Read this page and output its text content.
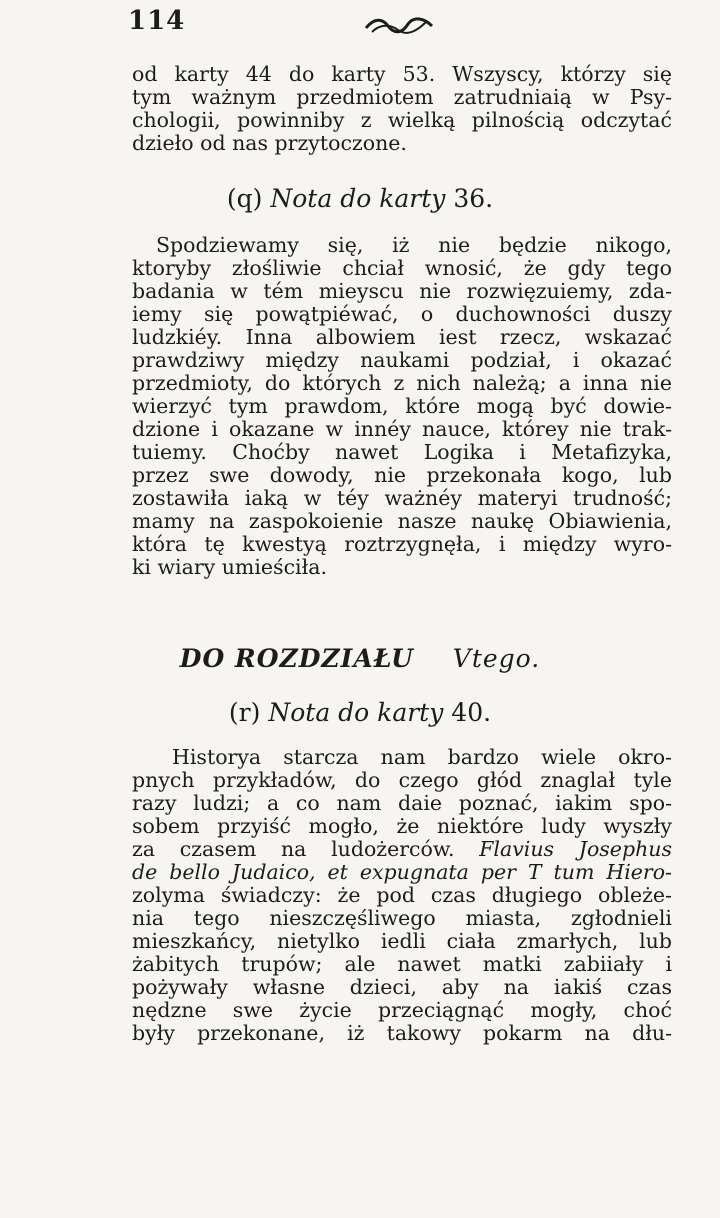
114
od karty 44 do karty 53. Wszyscy, którzy się
tym ważnym przedmiotem zatrudniaią w Psy-
chologii, powinniby z wielką pilnością odczytać
dzieło od nas przytoczone.
(q) Nota do karty 36.
Spodziewamy się, iż nie będzie nikogo,
ktoryby złośliwie chciał wnosić, że gdy tego
badania w tém mieyscu nie rozwięzuiemy, zda-
iemy się powątpiéwać, o duchowności duszy
ludzkiéy. Inna albowiem iest rzecz, wskazać
prawdziwy między naukami podział, i okazać
przedmioty, do których z nich należą; a inna nie
wierzyć tym prawdom, które mogą być dowie-
dzione i okazane w innéy nauce, którey nie trak-
tuiemy. Choćby nawet Logika i Metafizyka,
przez swe dowody, nie przekonała kogo, lub
zostawiła iaką w téy ważnéy materyi trudność;
mamy na zaspokoienie nasze naukę Obiawienia,
która tę kwestyą roztrzygnęła, i między wyro-
ki wiary umieściła.
DO ROZDZIAŁU Vtego.
(r) Nota do karty 40.
Historya starcza nam bardzo wiele okro-
pnych przykładów, do czego głód znaglał tyle
razy ludzi; a co nam daie poznać, iakim spo-
sobem przyiść mogło, że niektóre ludy wyszły
za czasem na ludożerców. Flavius Josephus
de bello Judaico, et expugnata per T tum Hiero-
zolyma świadczy: że pod czas długiego obleże-
nia tego nieszczęśliwego miasta, zgłodnieli
mieszkańcy, nietylko iedli ciała zmarłych, lub
żabitych trupów; ale nawet matki zabiiały i
pożywały własne dzieci, aby na iakiś czas
nędzne swe życie przeciągnąć mogły, choć
były przekonane, iż takowy pokarm na dłu-
